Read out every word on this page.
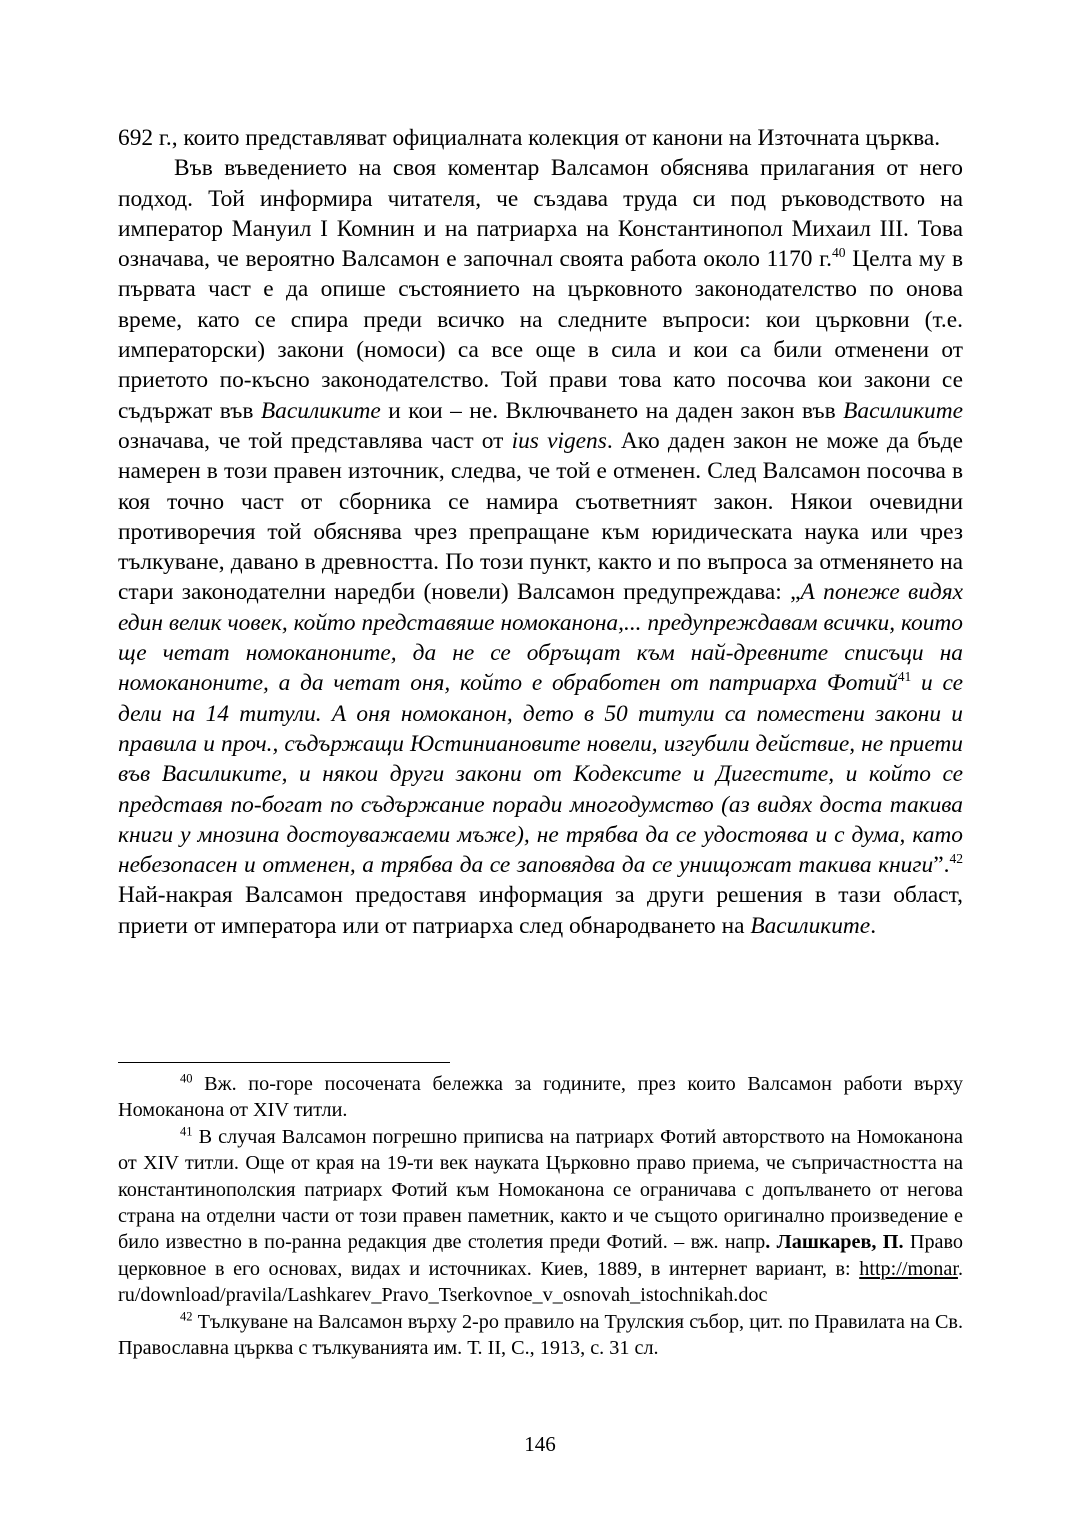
692 г., които представляват официалната колекция от канони на Източната църква.

Във въведението на своя коментар Валсамон обяснява прилагания от него подход. Той информира читателя, че създава труда си под ръководството на император Мануил I Комнин и на патриарха на Константинопол Михаил III. Това означава, че вероятно Валсамон е започнал своята работа около 1170 г.$^{40}$ Целта му в първата част е да опише състоянието на църковното законодателство по онова време, като се спира преди всичко на следните въпроси: кои църковни (т.е. императорски) закони (номоси) са все още в сила и кои са били отменени от приетото по-късно законодателство. Той прави това като посочва кои закони се съдържат във Василиките и кои – не. Включването на даден закон във Василиките означава, че той представлява част от ius vigens. Ако даден закон не може да бъде намерен в този правен източник, следва, че той е отменен. След Валсамон посочва в коя точно част от сборника се намира съответният закон. Някои очевидни противоречия той обяснява чрез препращане към юридическата наука или чрез тълкуване, давано в древността. По този пункт, както и по въпроса за отменянето на стари законодателни наредби (новели) Валсамон предупреждава: „А понеже видях един велик човек, който представяше номоканона,... предупреждавам всички, които ще четат номоканоните, да не се обръщат към най-древните списъци на номоканоните, а да четат оня, който е обработен от патриарха Фотий$^{41}$ и се дели на 14 титули. А оня номоканон, дето в 50 титули са поместени закони и правила и проч., съдържащи Юстиниановите новели, изгубили действие, не приети във Василиките, и някои други закони от Кодексите и Дигестите, и който се представя по-богат по съдържание поради многодумство (аз видях доста такива книги у мнозина достоуважаеми мъже), не трябва да се удостоява и с дума, като небезопасен и отменен, а трябва да се заповядва да се унищожат такива книги”.$^{42}$ Най-накрая Валсамон предоставя информация за други решения в тази област, приети от императора или от патриарха след обнародването на Василиките.

$^{40}$ Вж. по-горе посочената бележка за годините, през които Валсамон работи върху Номоканона от XIV титли.

$^{41}$ В случая Валсамон погрешно приписва на патриарх Фотий авторството на Номоканона от XIV титли. Още от края на 19-ти век науката Църковно право приема, че съпричастността на константинополския патриарх Фотий към Номоканона се ограничава с допълването от негова страна на отделни части от този правен паметник, както и че същото оригинално произведение е било известно в по-ранна редакция две столетия преди Фотий. – вж. напр. Лашкарев, П. Право церковное в его основах, видах и источниках. Киев, 1889, в интернет вариант, в: http://monar. ru/download/pravila/Lashkarev_Pravo_Tserkovnoe_v_osnovah_istochnikah.doc

$^{42}$ Тълкуване на Валсамон върху 2-ро правило на Трулския събор, цит. по Правилата на Св. Православна църква с тълкуванията им. Т. II, С., 1913, с. 31 сл.

146
